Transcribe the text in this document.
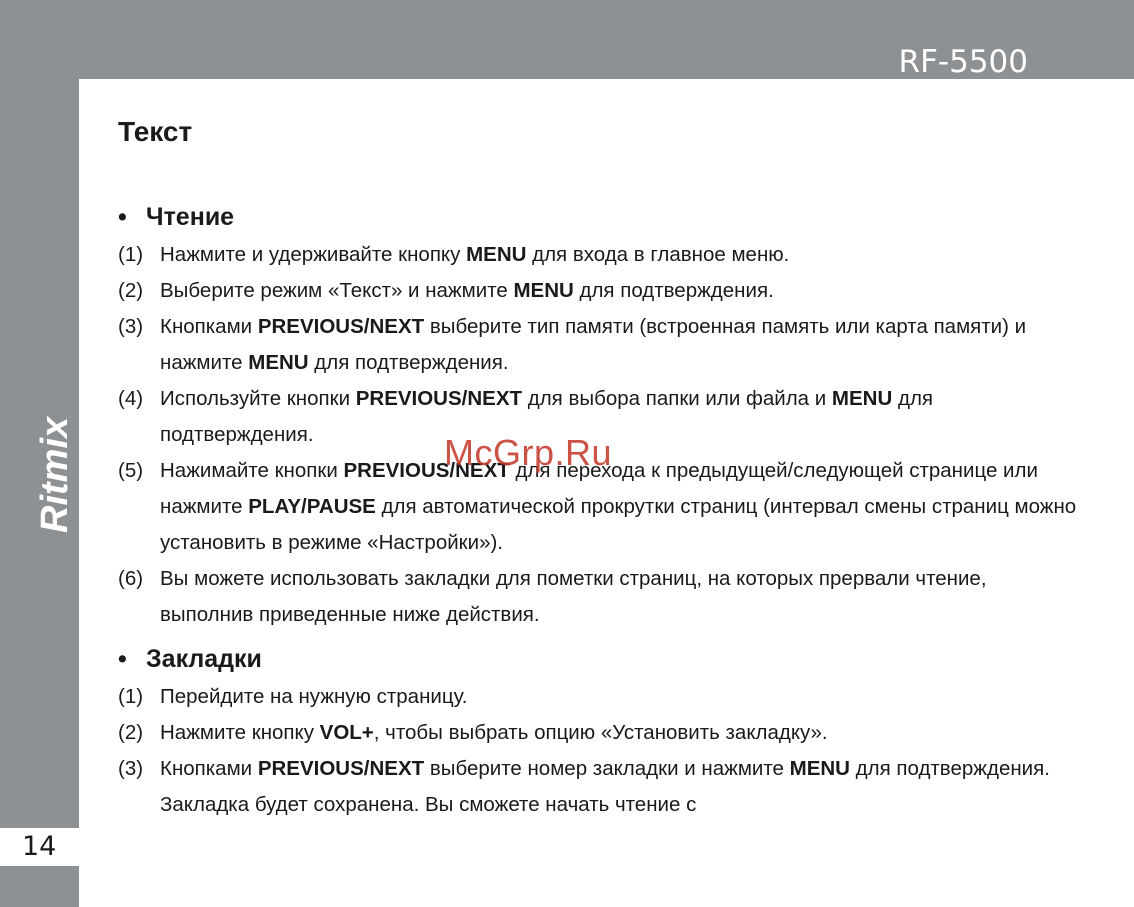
RF-5500
Ritmix
14
Текст
• Чтение
(1) Нажмите и удерживайте кнопку MENU для входа в главное меню.
(2) Выберите режим «Текст» и нажмите MENU для подтверждения.
(3) Кнопками PREVIOUS/NEXT выберите тип памяти (встроенная память или карта памяти) и нажмите MENU для подтверждения.
(4) Используйте кнопки PREVIOUS/NEXT для выбора папки или файла и MENU для подтверждения.
(5) Нажимайте кнопки PREVIOUS/NEXT для перехода к предыдущей/следующей странице или нажмите PLAY/PAUSE для автоматической прокрутки страниц (интервал смены страниц можно установить в режиме «Настройки»).
(6) Вы можете использовать закладки для пометки страниц, на которых прервали чтение, выполнив приведенные ниже действия.
• Закладки
(1) Перейдите на нужную страницу.
(2) Нажмите кнопку VOL+, чтобы выбрать опцию «Установить закладку».
(3) Кнопками PREVIOUS/NEXT выберите номер закладки и нажмите MENU для подтверждения. Закладка будет сохранена. Вы сможете начать чтение с
McGrp.Ru
